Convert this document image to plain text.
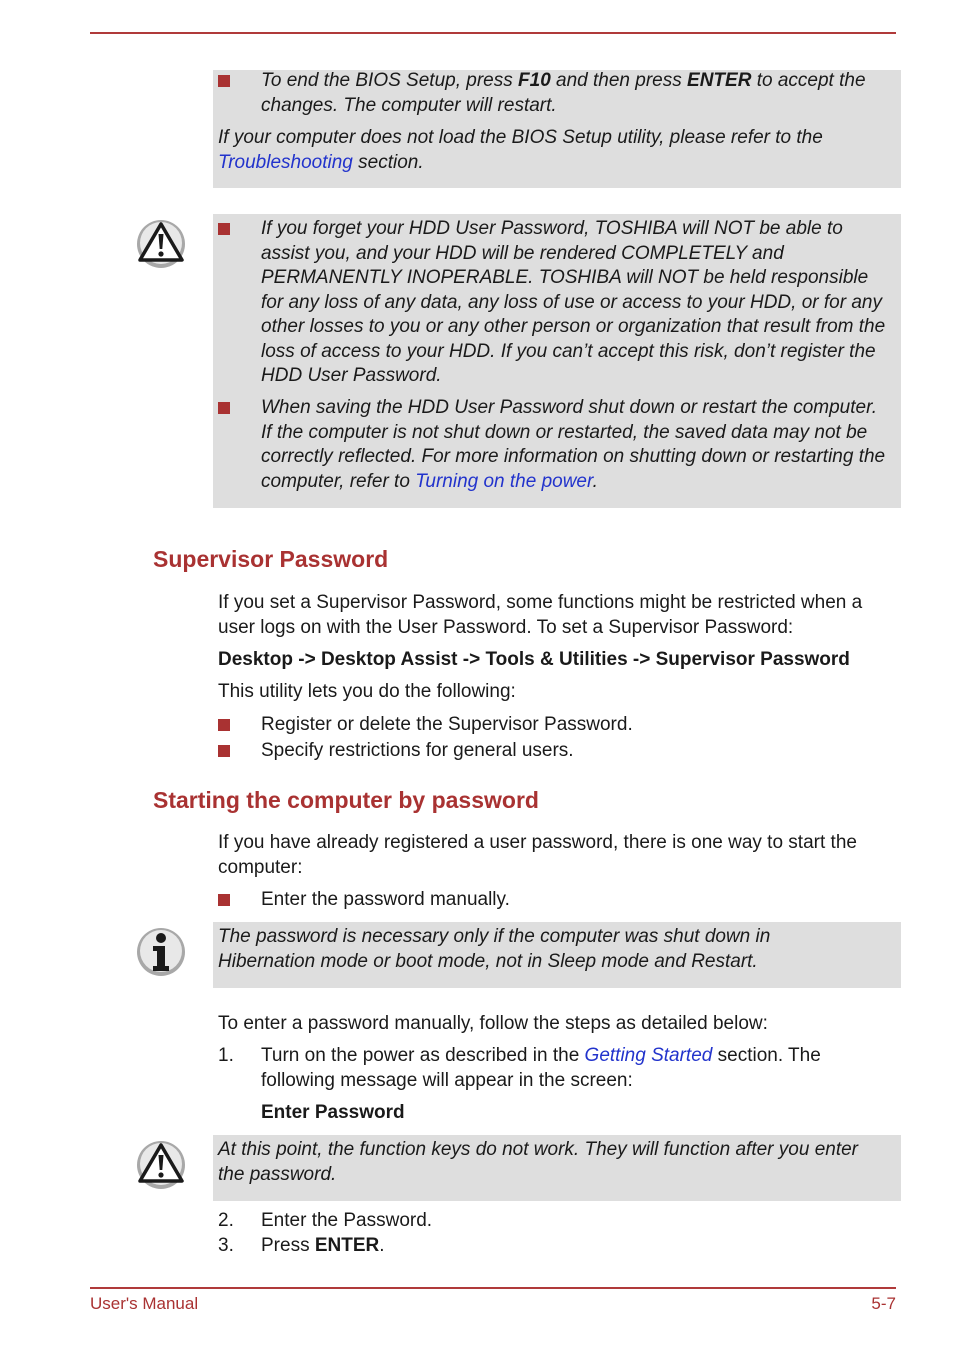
To end the BIOS Setup, press F10 and then press ENTER to accept the changes. The computer will restart.

If your computer does not load the BIOS Setup utility, please refer to the Troubleshooting section.

If you forget your HDD User Password, TOSHIBA will NOT be able to assist you, and your HDD will be rendered COMPLETELY and PERMANENTLY INOPERABLE. TOSHIBA will NOT be held responsible for any loss of any data, any loss of use or access to your HDD, or for any other losses to you or any other person or organization that result from the loss of access to your HDD. If you can’t accept this risk, don’t register the HDD User Password.

When saving the HDD User Password shut down or restart the computer. If the computer is not shut down or restarted, the saved data may not be correctly reflected. For more information on shutting down or restarting the computer, refer to Turning on the power.

Supervisor Password

If you set a Supervisor Password, some functions might be restricted when a user logs on with the User Password. To set a Supervisor Password:

Desktop -> Desktop Assist -> Tools & Utilities -> Supervisor Password

This utility lets you do the following:

Register or delete the Supervisor Password.

Specify restrictions for general users.

Starting the computer by password

If you have already registered a user password, there is one way to start the computer:

Enter the password manually.

The password is necessary only if the computer was shut down in Hibernation mode or boot mode, not in Sleep mode and Restart.

To enter a password manually, follow the steps as detailed below:

1. Turn on the power as described in the Getting Started section. The following message will appear in the screen:

Enter Password

At this point, the function keys do not work. They will function after you enter the password.

2. Enter the Password.

3. Press ENTER.

User's Manual	5-7
